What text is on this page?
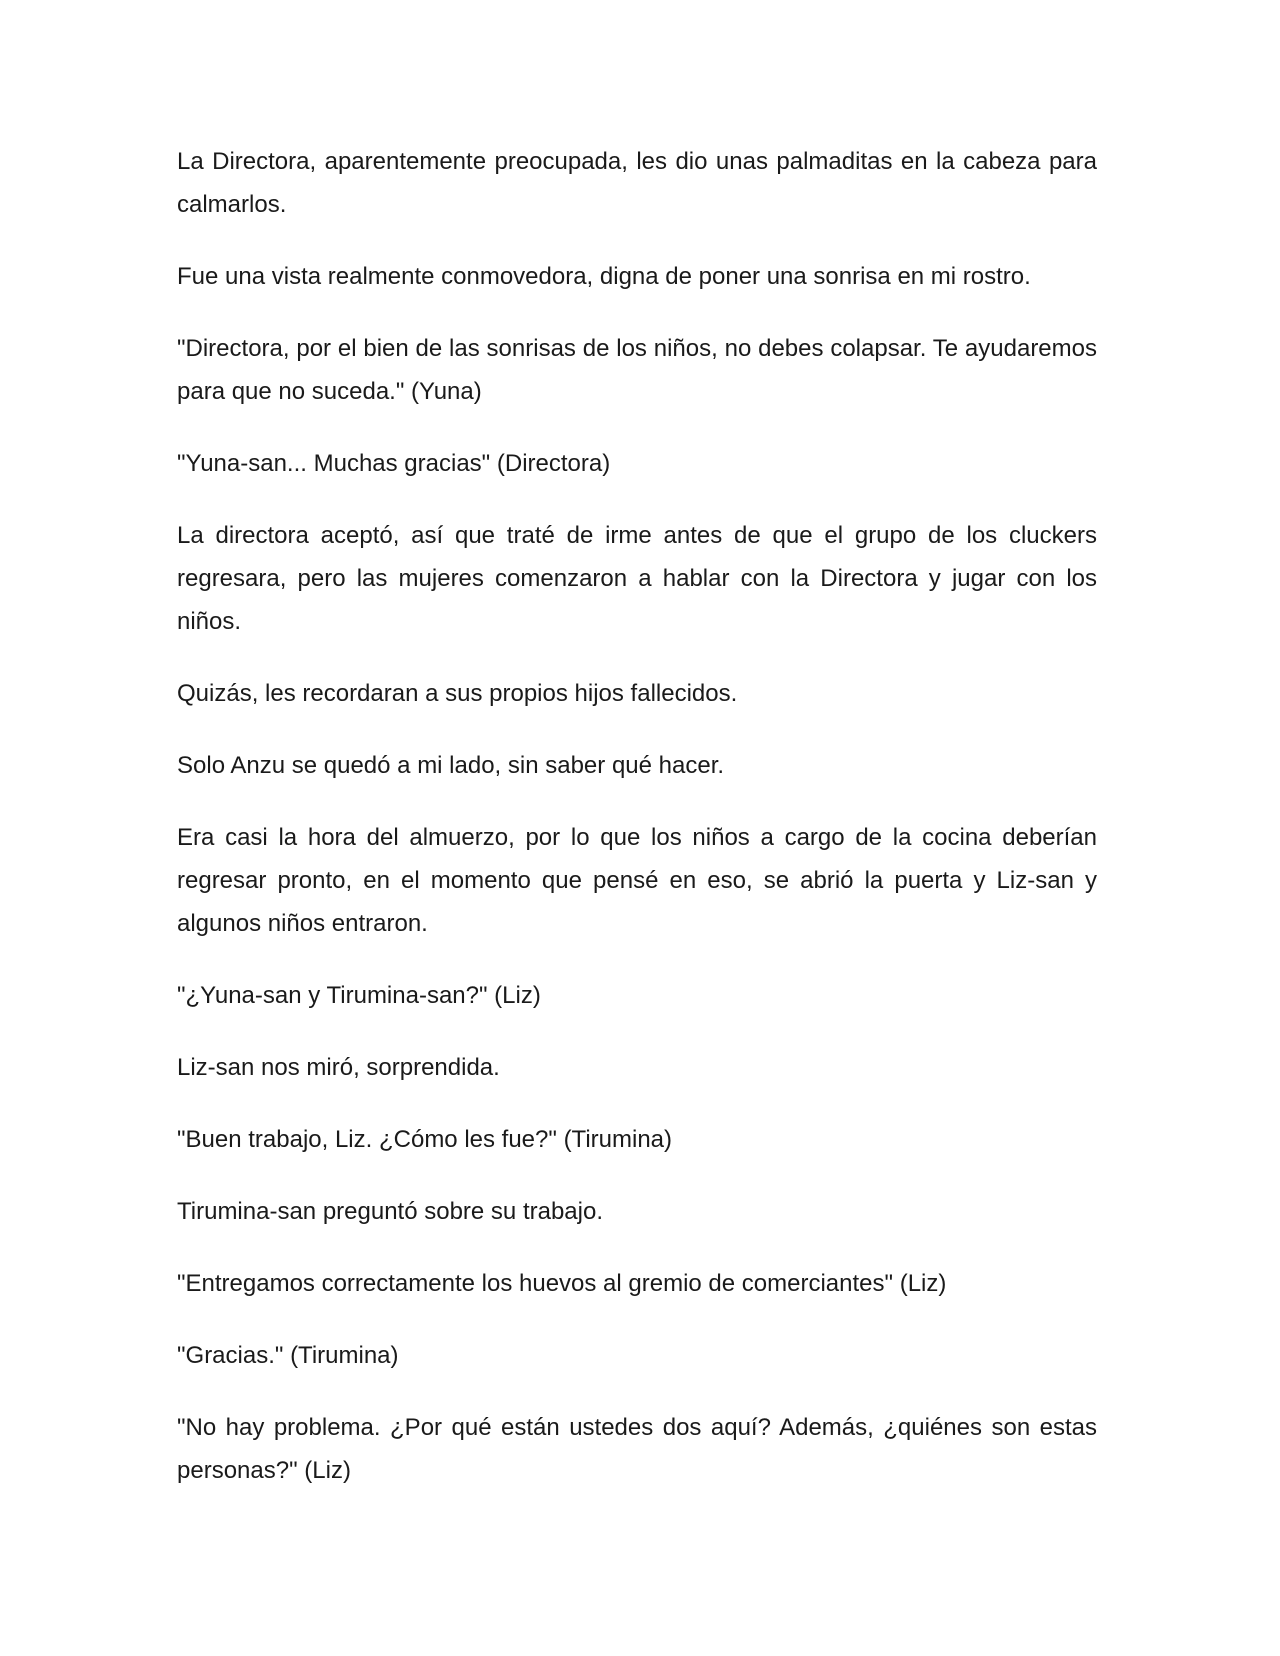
La Directora, aparentemente preocupada, les dio unas palmaditas en la cabeza para calmarlos.

Fue una vista realmente conmovedora, digna de poner una sonrisa en mi rostro.

"Directora, por el bien de las sonrisas de los niños, no debes colapsar. Te ayudaremos para que no suceda." (Yuna)

"Yuna-san... Muchas gracias" (Directora)

La directora aceptó, así que traté de irme antes de que el grupo de los cluckers regresara, pero las mujeres comenzaron a hablar con la Directora y jugar con los niños.

Quizás, les recordaran a sus propios hijos fallecidos.

Solo Anzu se quedó a mi lado, sin saber qué hacer.

Era casi la hora del almuerzo, por lo que los niños a cargo de la cocina deberían regresar pronto, en el momento que pensé en eso, se abrió la puerta y Liz-san y algunos niños entraron.

"¿Yuna-san y Tirumina-san?" (Liz)

Liz-san nos miró, sorprendida.

"Buen trabajo, Liz. ¿Cómo les fue?" (Tirumina)

Tirumina-san preguntó sobre su trabajo.

"Entregamos correctamente los huevos al gremio de comerciantes" (Liz)

"Gracias." (Tirumina)

"No hay problema. ¿Por qué están ustedes dos aquí? Además, ¿quiénes son estas personas?" (Liz)
